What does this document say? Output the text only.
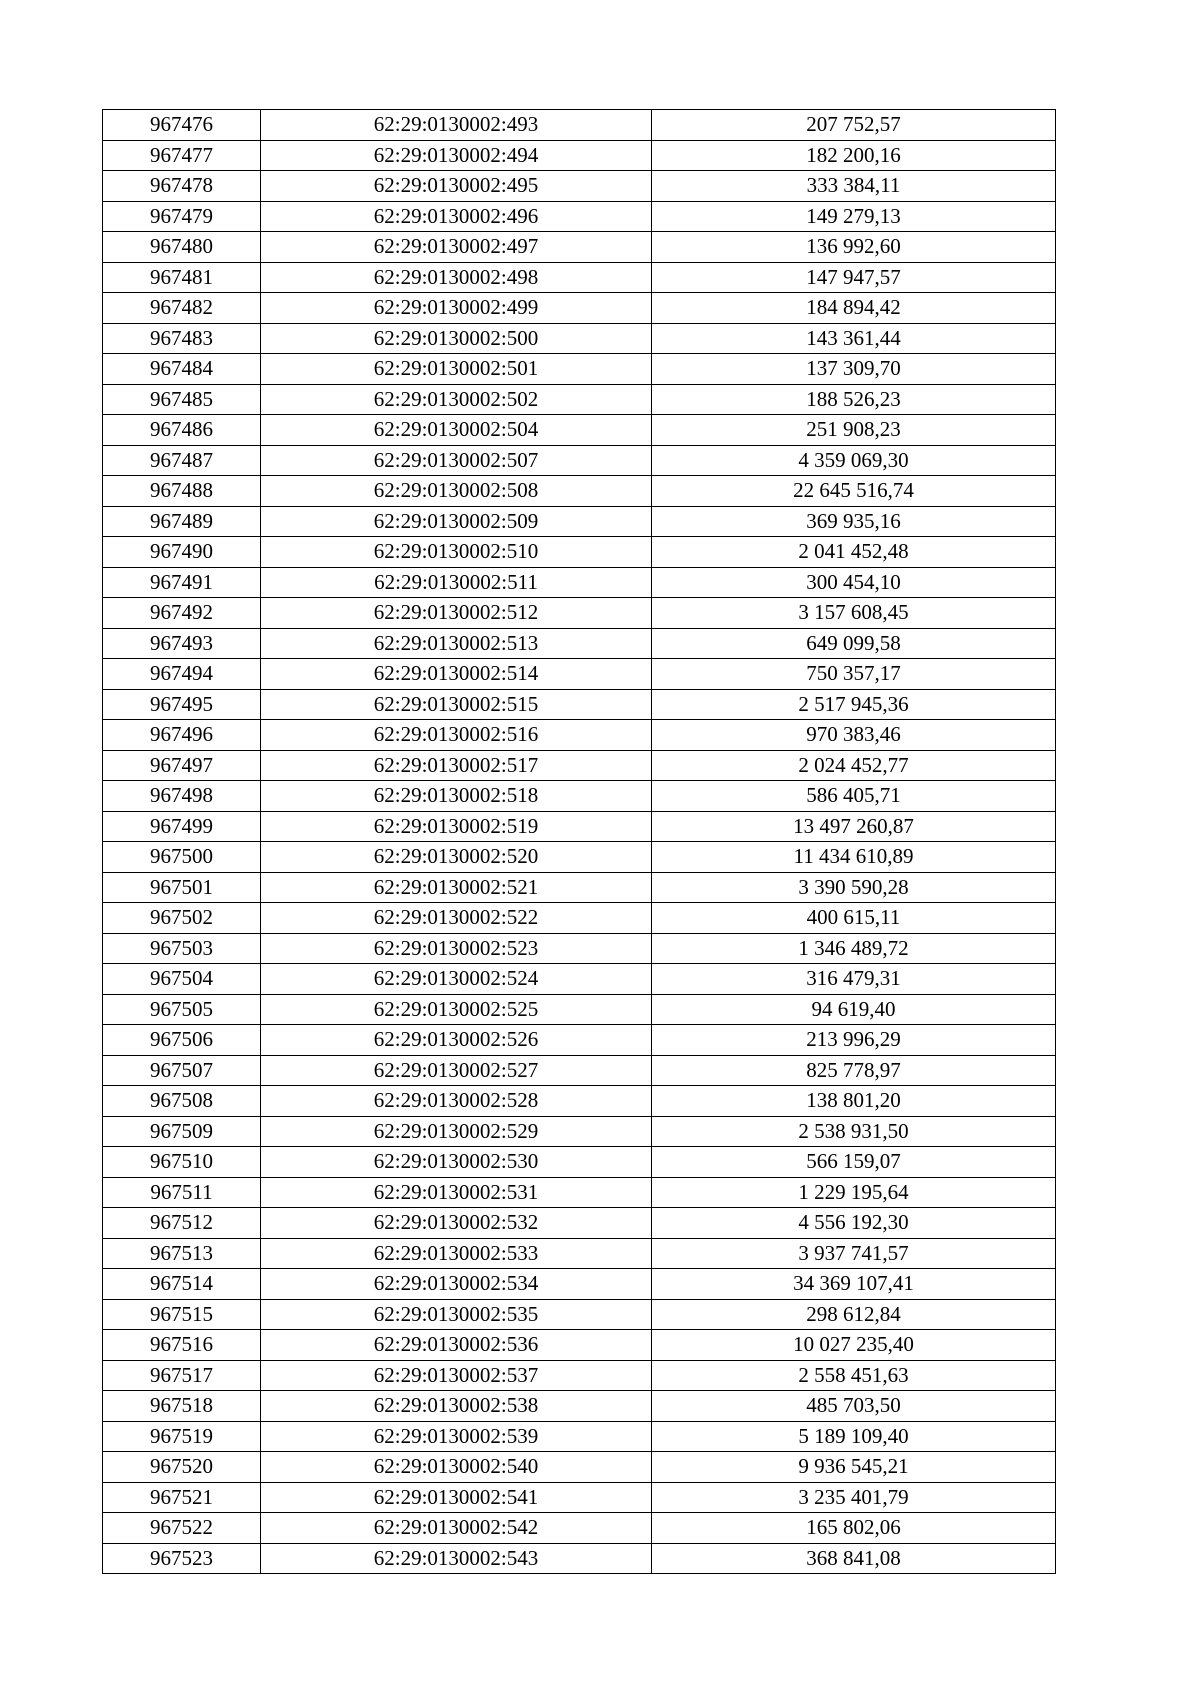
967476	62:29:0130002:493	207 752,57
967477	62:29:0130002:494	182 200,16
967478	62:29:0130002:495	333 384,11
967479	62:29:0130002:496	149 279,13
967480	62:29:0130002:497	136 992,60
967481	62:29:0130002:498	147 947,57
967482	62:29:0130002:499	184 894,42
967483	62:29:0130002:500	143 361,44
967484	62:29:0130002:501	137 309,70
967485	62:29:0130002:502	188 526,23
967486	62:29:0130002:504	251 908,23
967487	62:29:0130002:507	4 359 069,30
967488	62:29:0130002:508	22 645 516,74
967489	62:29:0130002:509	369 935,16
967490	62:29:0130002:510	2 041 452,48
967491	62:29:0130002:511	300 454,10
967492	62:29:0130002:512	3 157 608,45
967493	62:29:0130002:513	649 099,58
967494	62:29:0130002:514	750 357,17
967495	62:29:0130002:515	2 517 945,36
967496	62:29:0130002:516	970 383,46
967497	62:29:0130002:517	2 024 452,77
967498	62:29:0130002:518	586 405,71
967499	62:29:0130002:519	13 497 260,87
967500	62:29:0130002:520	11 434 610,89
967501	62:29:0130002:521	3 390 590,28
967502	62:29:0130002:522	400 615,11
967503	62:29:0130002:523	1 346 489,72
967504	62:29:0130002:524	316 479,31
967505	62:29:0130002:525	94 619,40
967506	62:29:0130002:526	213 996,29
967507	62:29:0130002:527	825 778,97
967508	62:29:0130002:528	138 801,20
967509	62:29:0130002:529	2 538 931,50
967510	62:29:0130002:530	566 159,07
967511	62:29:0130002:531	1 229 195,64
967512	62:29:0130002:532	4 556 192,30
967513	62:29:0130002:533	3 937 741,57
967514	62:29:0130002:534	34 369 107,41
967515	62:29:0130002:535	298 612,84
967516	62:29:0130002:536	10 027 235,40
967517	62:29:0130002:537	2 558 451,63
967518	62:29:0130002:538	485 703,50
967519	62:29:0130002:539	5 189 109,40
967520	62:29:0130002:540	9 936 545,21
967521	62:29:0130002:541	3 235 401,79
967522	62:29:0130002:542	165 802,06
967523	62:29:0130002:543	368 841,08
